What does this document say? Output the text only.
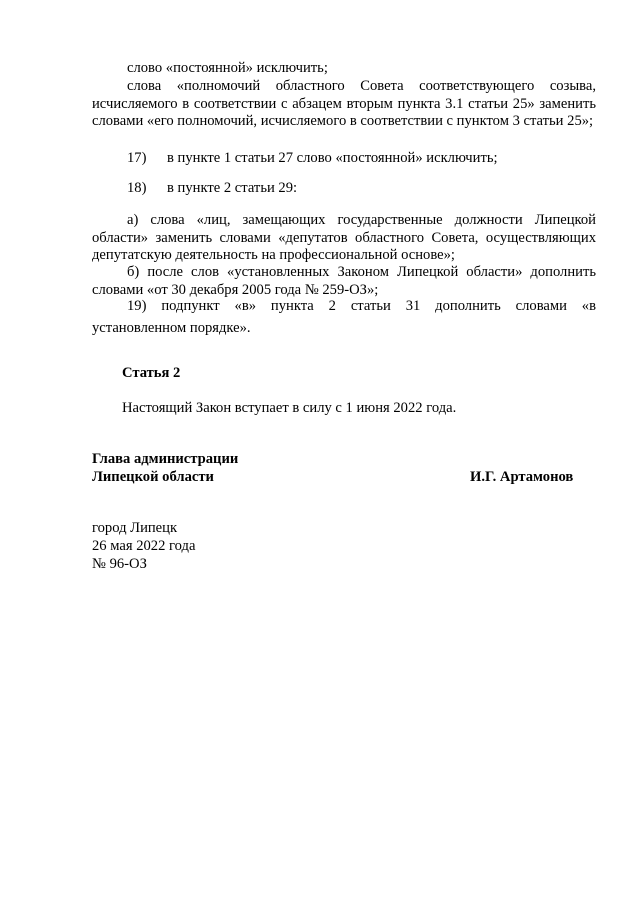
слово «постоянной» исключить;

слова «полномочий областного Совета соответствующего созыва, исчисляемого в соответствии с абзацем вторым пункта 3.1 статьи 25» заменить словами «его полномочий, исчисляемого в соответствии с пунктом 3 статьи 25»;

17) в пункте 1 статьи 27 слово «постоянной» исключить;
18) в пункте 2 статьи 29:

а) слова «лиц, замещающих государственные должности Липецкой области» заменить словами «депутатов областного Совета, осуществляющих депутатскую деятельность на профессиональной основе»;

б) после слов «установленных Законом Липецкой области» дополнить словами «от 30 декабря 2005 года № 259-ОЗ»;

19) подпункт «в» пункта 2 статьи 31 дополнить словами «в

установленном порядке».

Статья 2

Настоящий Закон вступает в силу с 1 июня 2022 года.

Глава администрации
Липецкой области	И.Г. Артамонов
город Липецк
26 мая 2022 года
№ 96-ОЗ
